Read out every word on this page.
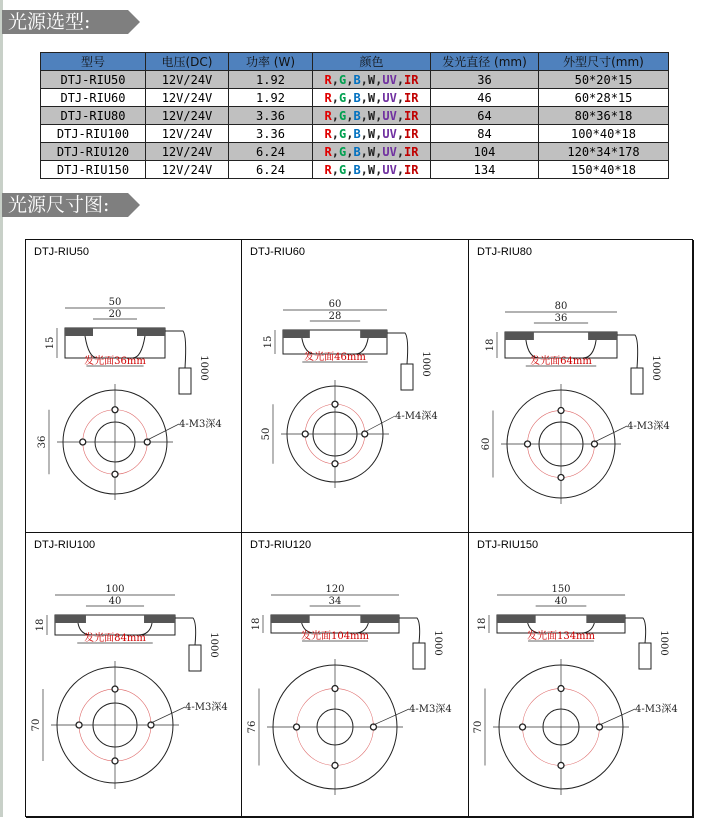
光源选型:
光源尺寸图:
型号	电压(DC)	功率 (W)	颜色	发光直径 (mm)	外型尺寸(mm)
DTJ-RIU50	12V/24V	1.92	R,G,B,W,UV,IR	36	50*20*15
DTJ-RIU60	12V/24V	1.92	R,G,B,W,UV,IR	46	60*28*15
DTJ-RIU80	12V/24V	3.36	R,G,B,W,UV,IR	64	80*36*18
DTJ-RIU100	12V/24V	3.36	R,G,B,W,UV,IR	84	100*40*18
DTJ-RIU120	12V/24V	6.24	R,G,B,W,UV,IR	104	120*34*178
DTJ-RIU150	12V/24V	6.24	R,G,B,W,UV,IR	134	150*40*18
DTJ-RIU50
50
20
15
发光面36mm	1000
36
4-M3深4
DTJ-RIU60
60
28
15
发光面46mm	1000
50
4-M4深4
DTJ-RIU80
80
36
18
发光面64mm	1000
60
4-M3深4
DTJ-RIU100
100
40
18
发光面84mm	1000
70
4-M3深4
DTJ-RIU120
120
34
18
发光面104mm	1000
76
4-M3深4
DTJ-RIU150
150
40
18
发光面134mm	1000
70
4-M3深4
